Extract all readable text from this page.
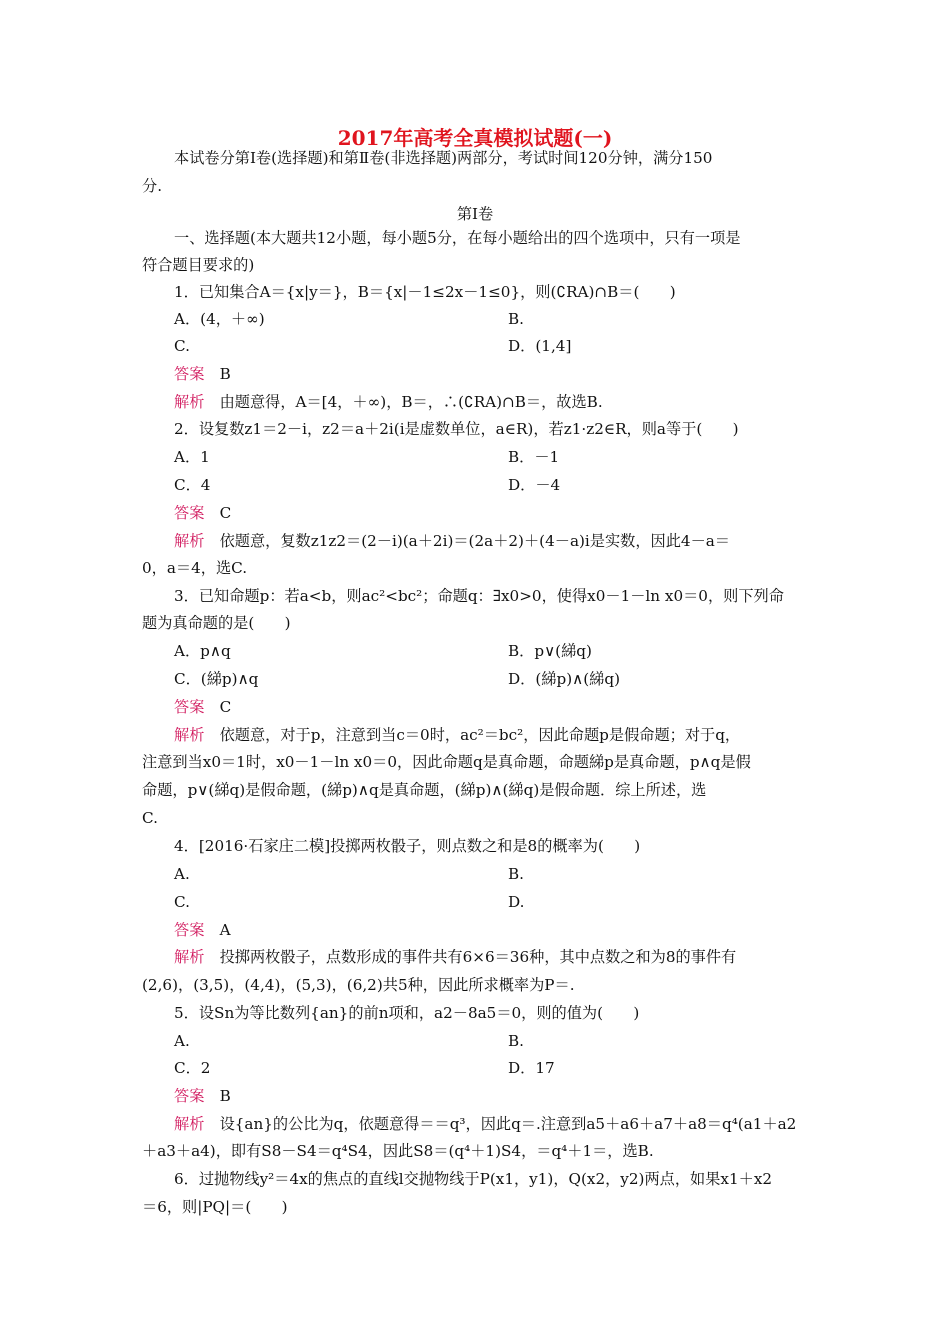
2017年高考全真模拟试题(一)
本试卷分第Ⅰ卷(选择题)和第Ⅱ卷(非选择题)两部分，考试时间120分钟，满分150
分.
第Ⅰ卷
一、选择题(本大题共12小题，每小题5分，在每小题给出的四个选项中，只有一项是
符合题目要求的)
1．已知集合A＝{x|y＝}，B＝{x|－1≤2x－1≤0}，则(∁RA)∩B＝(　　)
A．(4，＋∞)	B.
C.	D．(1,4]
答案　 B
解析　 由题意得，A＝[4，＋∞)，B＝，∴(∁RA)∩B＝，故选B.
2．设复数z1＝2－i，z2＝a＋2i(i是虚数单位，a∈R)，若z1·z2∈R，则a等于(　　)
A．1	B．－1
C．4	D．－4
答案　 C
解析　 依题意，复数z1z2＝(2－i)(a＋2i)＝(2a＋2)＋(4－a)i是实数，因此4－a＝
0，a＝4，选C.
3．已知命题p：若a<b，则ac²<bc²；命题q：∃x0>0，使得x0－1－ln x0＝0，则下列命
题为真命题的是(　　)
A．p∧q	B．p∨(綈q)
C．(綈p)∧q	D．(綈p)∧(綈q)
答案　 C
解析　 依题意，对于p，注意到当c＝0时，ac²＝bc²，因此命题p是假命题；对于q，
注意到当x0＝1时，x0－1－ln x0＝0，因此命题q是真命题，命题綈p是真命题，p∧q是假
命题，p∨(綈q)是假命题，(綈p)∧q是真命题，(綈p)∧(綈q)是假命题．综上所述，选
C.
4．[2016·石家庄二模]投掷两枚骰子，则点数之和是8的概率为(　　)
A.	B.
C.	D.
答案　 A
解析　 投掷两枚骰子，点数形成的事件共有6×6＝36种，其中点数之和为8的事件有
(2,6)，(3,5)，(4,4)，(5,3)，(6,2)共5种，因此所求概率为P＝.
5．设Sn为等比数列{an}的前n项和，a2－8a5＝0，则的值为(　　)
A.	B.
C．2	D．17
答案　 B
解析　 设{an}的公比为q，依题意得＝＝q³，因此q＝.注意到a5＋a6＋a7＋a8＝q⁴(a1＋a2
＋a3＋a4)，即有S8－S4＝q⁴S4，因此S8＝(q⁴＋1)S4，＝q⁴＋1＝，选B.
6．过抛物线y²＝4x的焦点的直线l交抛物线于P(x1，y1)，Q(x2，y2)两点，如果x1＋x2
＝6，则|PQ|＝(　　)
